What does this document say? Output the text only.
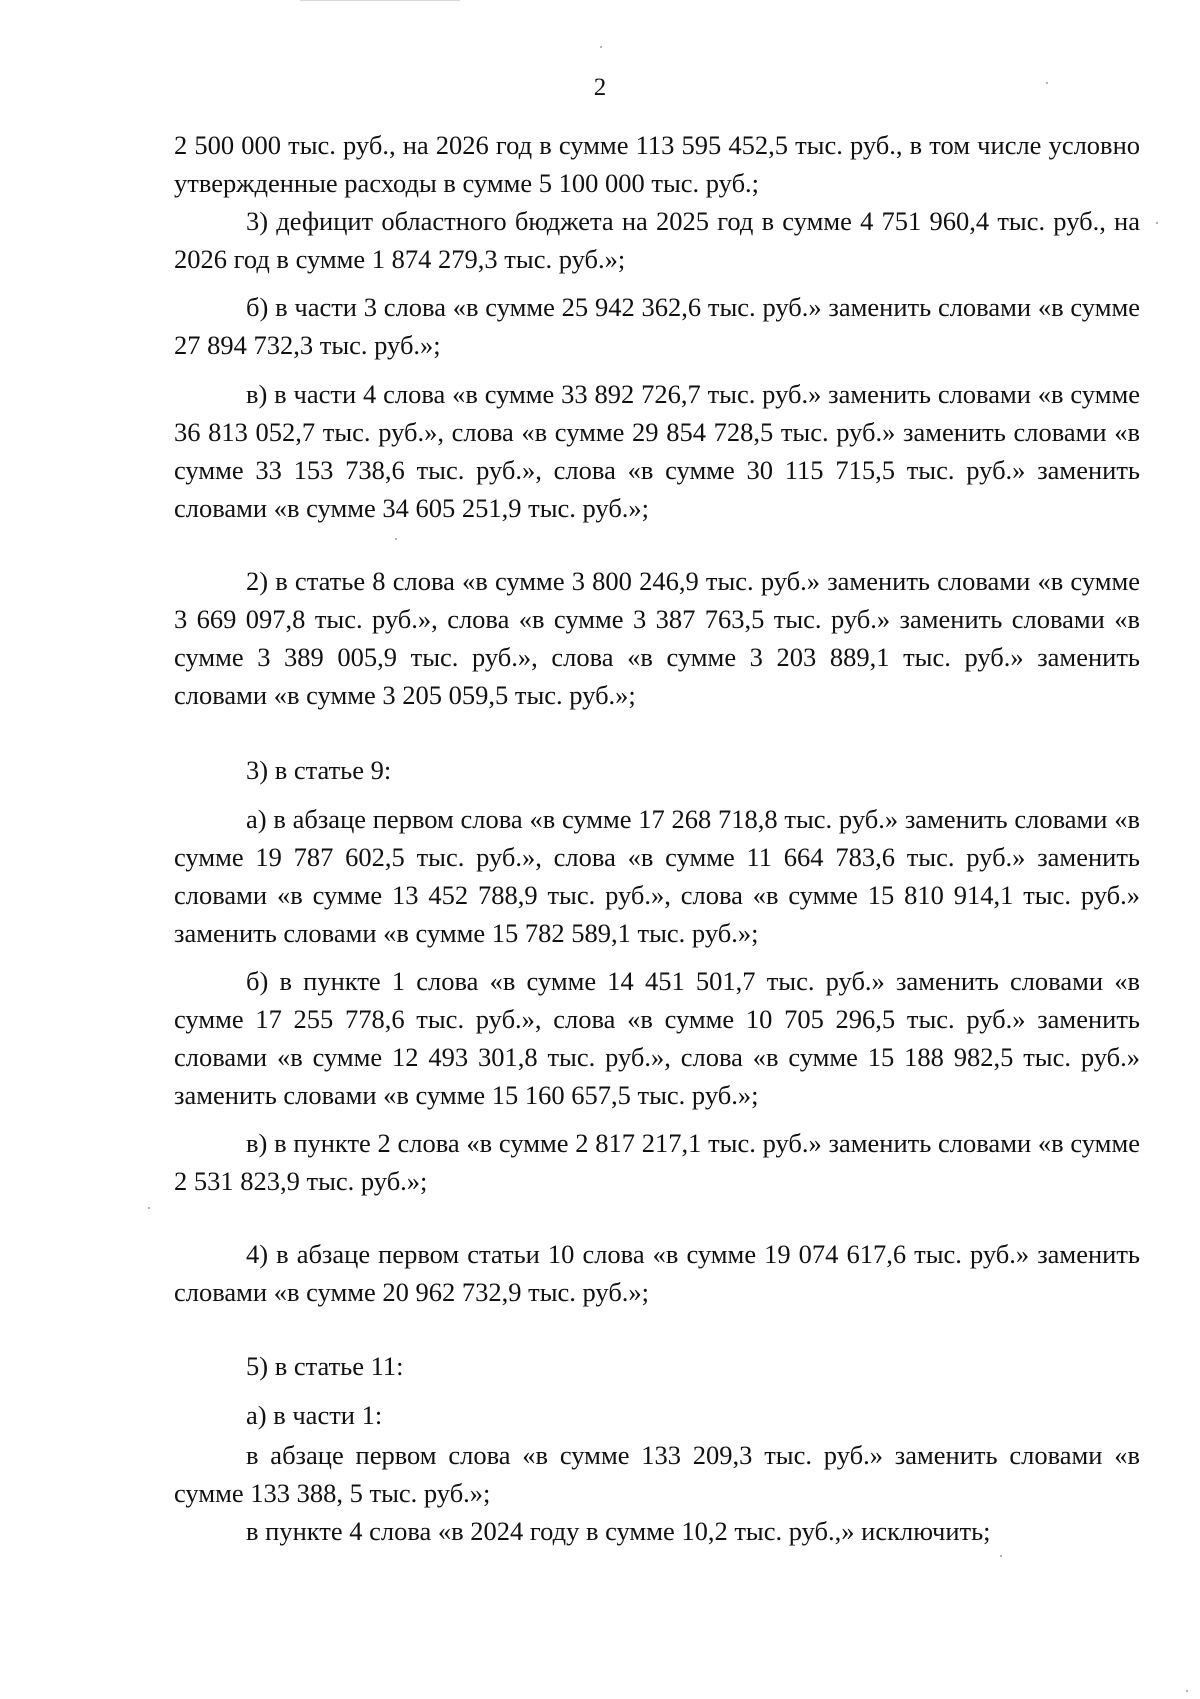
2
2 500 000 тыс. руб., на 2026 год в сумме 113 595 452,5 тыс. руб., в том числе условно утвержденные расходы в сумме 5 100 000 тыс. руб.;
3) дефицит областного бюджета на 2025 год в сумме 4 751 960,4 тыс. руб., на 2026 год в сумме 1 874 279,3 тыс. руб.»;
б) в части 3 слова «в сумме 25 942 362,6 тыс. руб.» заменить словами «в сумме 27 894 732,3 тыс. руб.»;
в) в части 4 слова «в сумме 33 892 726,7 тыс. руб.» заменить словами «в сумме 36 813 052,7 тыс. руб.», слова «в сумме 29 854 728,5 тыс. руб.» заменить словами «в сумме 33 153 738,6 тыс. руб.», слова «в сумме 30 115 715,5 тыс. руб.» заменить словами «в сумме 34 605 251,9 тыс. руб.»;
2) в статье 8 слова «в сумме 3 800 246,9 тыс. руб.» заменить словами «в сумме 3 669 097,8 тыс. руб.», слова «в сумме 3 387 763,5 тыс. руб.» заменить словами «в сумме 3 389 005,9 тыс. руб.», слова «в сумме 3 203 889,1 тыс. руб.» заменить словами «в сумме 3 205 059,5 тыс. руб.»;
3) в статье 9:
а) в абзаце первом слова «в сумме 17 268 718,8 тыс. руб.» заменить словами «в сумме 19 787 602,5 тыс. руб.», слова «в сумме 11 664 783,6 тыс. руб.» заменить словами «в сумме 13 452 788,9 тыс. руб.», слова «в сумме 15 810 914,1 тыс. руб.» заменить словами «в сумме 15 782 589,1 тыс. руб.»;
б) в пункте 1 слова «в сумме 14 451 501,7 тыс. руб.» заменить словами «в сумме 17 255 778,6 тыс. руб.», слова «в сумме 10 705 296,5 тыс. руб.» заменить словами «в сумме 12 493 301,8 тыс. руб.», слова «в сумме 15 188 982,5 тыс. руб.» заменить словами «в сумме 15 160 657,5 тыс. руб.»;
в) в пункте 2 слова «в сумме 2 817 217,1 тыс. руб.» заменить словами «в сумме 2 531 823,9 тыс. руб.»;
4) в абзаце первом статьи 10 слова «в сумме 19 074 617,6 тыс. руб.» заменить словами «в сумме 20 962 732,9 тыс. руб.»;
5) в статье 11:
а) в части 1:
в абзаце первом слова «в сумме 133 209,3 тыс. руб.» заменить словами «в сумме 133 388, 5 тыс. руб.»;
в пункте 4 слова «в 2024 году в сумме 10,2 тыс. руб.,» исключить;
